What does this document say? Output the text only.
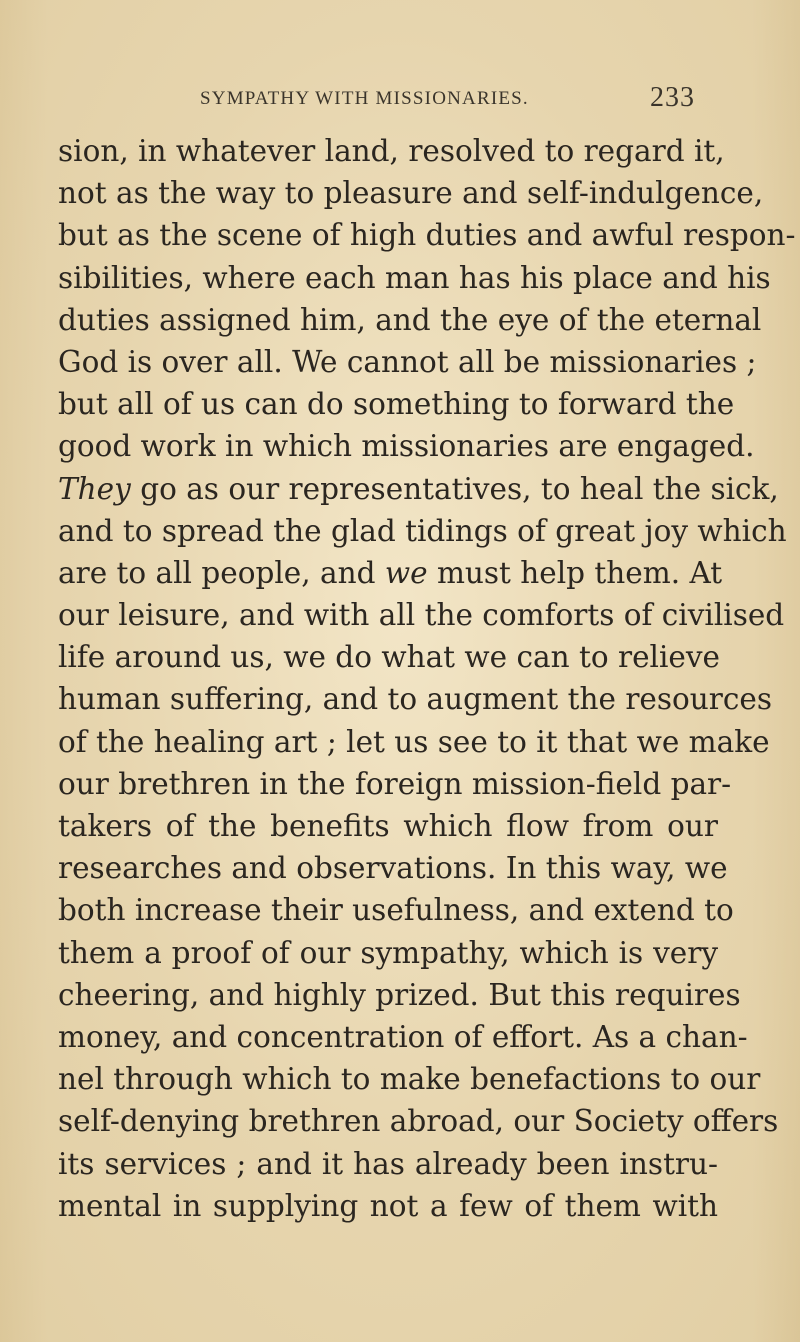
SYMPATHY WITH MISSIONARIES.	233
sion, in whatever land, resolved to regard it,
not as the way to pleasure and self-indulgence,
but as the scene of high duties and awful respon-
sibilities, where each man has his place and his
duties assigned him, and the eye of the eternal
God is over all. We cannot all be missionaries ;
but all of us can do something to forward the
good work in which missionaries are engaged.
They go as our representatives, to heal the sick,
and to spread the glad tidings of great joy which
are to all people, and we must help them. At
our leisure, and with all the comforts of civilised
life around us, we do what we can to relieve
human suffering, and to augment the resources
of the healing art ; let us see to it that we make
our brethren in the foreign mission-field par-
takers of the benefits which flow from our
researches and observations. In this way, we
both increase their usefulness, and extend to
them a proof of our sympathy, which is very
cheering, and highly prized. But this requires
money, and concentration of effort. As a chan-
nel through which to make benefactions to our
self-denying brethren abroad, our Society offers
its services ; and it has already been instru-
mental in supplying not a few of them with
